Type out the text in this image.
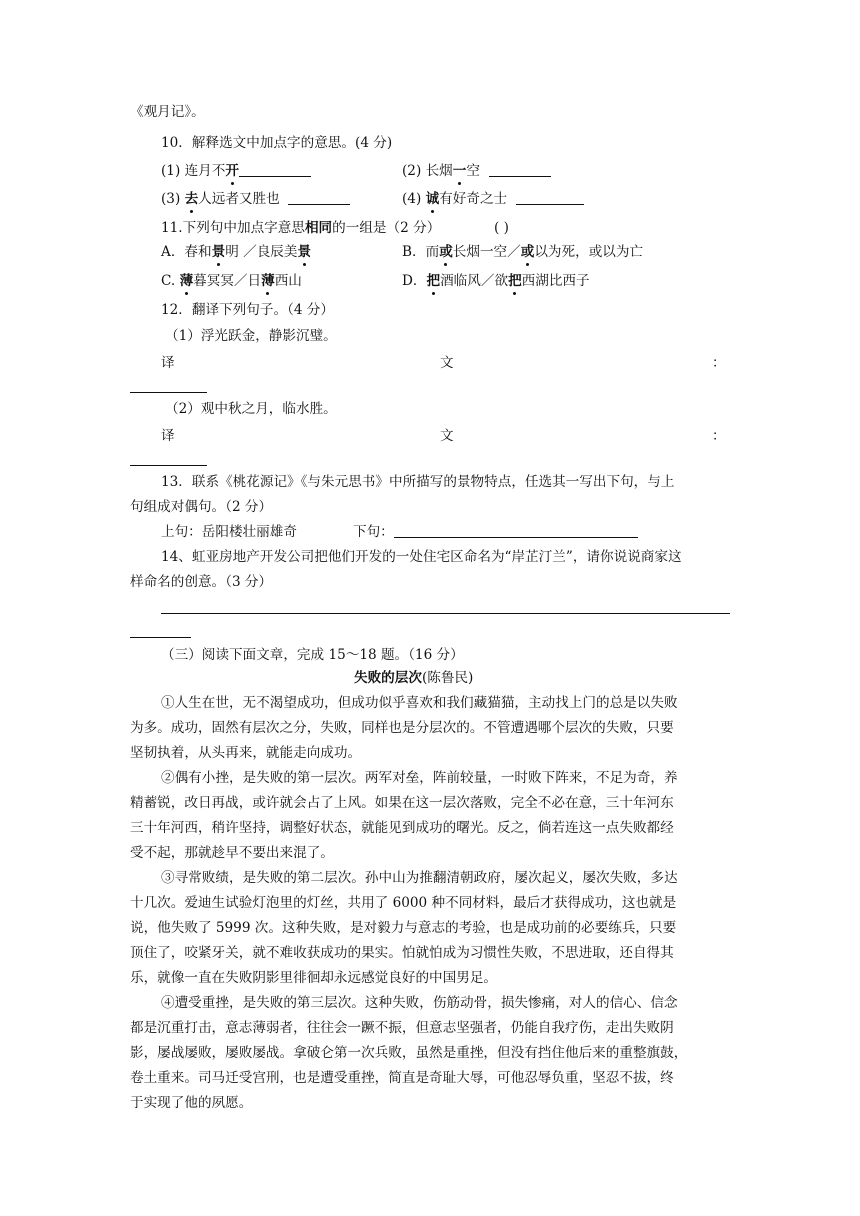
《观月记》。
10．解释选文中加点字的意思。(4 分)
(1) 连月不开	(2) 长烟一空
(3) 去人远者又胜也	(4) 诚有好奇之士
11.下列句中加点字意思相同的一组是（2 分）	( )
A．春和景明 ／良辰美景	B．而或长烟一空／或以为死，或以为亡
C. 薄暮冥冥／日薄西山	D．把酒临风／欲把西湖比西子
12．翻译下列句子。（4 分）
（1）浮光跃金，静影沉璧。
译	文	：
（2）观中秋之月，临水胜。
译	文	：
13．联系《桃花源记》《与朱元思书》中所描写的景物特点，任选其一写出下句，与上
句组成对偶句。（2 分）
上句：岳阳楼壮丽雄奇	下句：
14、虹亚房地产开发公司把他们开发的一处住宅区命名为“岸芷汀兰”，请你说说商家这
样命名的创意。（3 分）
（三）阅读下面文章，完成 15～18 题。（16 分）
失败的层次(陈鲁民)
①人生在世，无不渴望成功，但成功似乎喜欢和我们藏猫猫，主动找上门的总是以失败
为多。成功，固然有层次之分，失败，同样也是分层次的。不管遭遇哪个层次的失败，只要
坚韧执着，从头再来，就能走向成功。
②偶有小挫，是失败的第一层次。两军对垒，阵前较量，一时败下阵来，不足为奇，养
精蓄锐，改日再战，或许就会占了上风。如果在这一层次落败，完全不必在意，三十年河东
三十年河西，稍许坚持，调整好状态，就能见到成功的曙光。反之，倘若连这一点失败都经
受不起，那就趁早不要出来混了。
③寻常败绩，是失败的第二层次。孙中山为推翻清朝政府，屡次起义，屡次失败，多达
十几次。爱迪生试验灯泡里的灯丝，共用了 6000 种不同材料，最后才获得成功，这也就是
说，他失败了 5999 次。这种失败，是对毅力与意志的考验，也是成功前的必要练兵，只要
顶住了，咬紧牙关，就不难收获成功的果实。怕就怕成为习惯性失败，不思进取，还自得其
乐，就像一直在失败阴影里徘徊却永远感觉良好的中国男足。
④遭受重挫，是失败的第三层次。这种失败，伤筋动骨，损失惨痛，对人的信心、信念
都是沉重打击，意志薄弱者，往往会一蹶不振，但意志坚强者，仍能自我疗伤，走出失败阴
影，屡战屡败，屡败屡战。拿破仑第一次兵败，虽然是重挫，但没有挡住他后来的重整旗鼓，
卷土重来。司马迁受宫刑，也是遭受重挫，简直是奇耻大辱，可他忍辱负重，坚忍不拔，终
于实现了他的夙愿。
